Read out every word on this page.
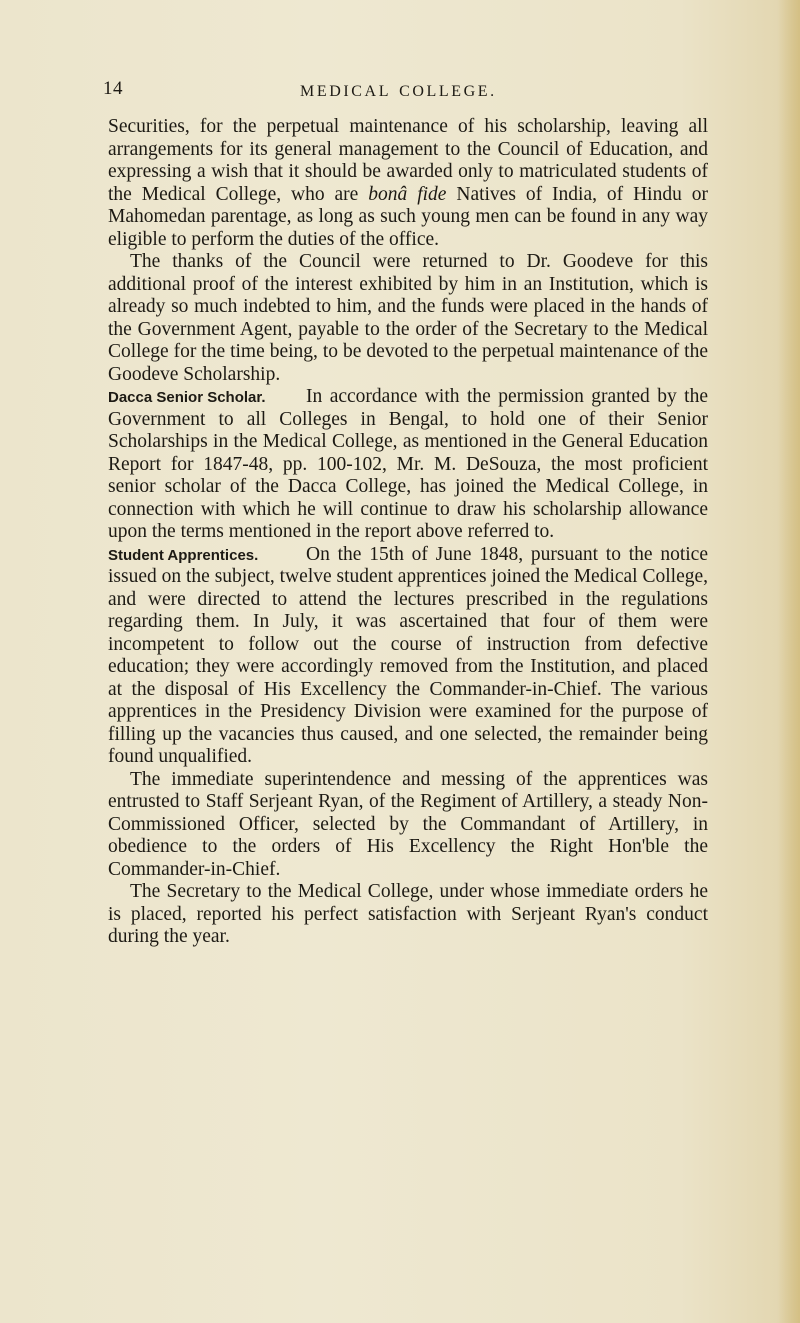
14	MEDICAL COLLEGE.

Securities, for the perpetual maintenance of his scholarship, leaving all arrangements for its general management to the Council of Education, and expressing a wish that it should be awarded only to matriculated students of the Medical College, who are bonâ fide Natives of India, of Hindu or Mahomedan parentage, as long as such young men can be found in any way eligible to perform the duties of the office.

The thanks of the Council were returned to Dr. Goodeve for this additional proof of the interest exhibited by him in an Institution, which is already so much indebted to him, and the funds were placed in the hands of the Government Agent, payable to the order of the Secretary to the Medical College for the time being, to be devoted to the perpetual maintenance of the Goodeve Scholarship.

Dacca Senior Scholar.	In accordance with the permission granted by the Government to all Colleges in Bengal, to hold one of their Senior Scholarships in the Medical College, as mentioned in the General Education Report for 1847-48, pp. 100-102, Mr. M. DeSouza, the most proficient senior scholar of the Dacca College, has joined the Medical College, in connection with which he will continue to draw his scholarship allowance upon the terms mentioned in the report above referred to.

Student Apprentices.	On the 15th of June 1848, pursuant to the notice issued on the subject, twelve student apprentices joined the Medical College, and were directed to attend the lectures prescribed in the regulations regarding them. In July, it was ascertained that four of them were incompetent to follow out the course of instruction from defective education; they were accordingly removed from the Institution, and placed at the disposal of His Excellency the Commander-in-Chief. The various apprentices in the Presidency Division were examined for the purpose of filling up the vacancies thus caused, and one selected, the remainder being found unqualified.

The immediate superintendence and messing of the apprentices was entrusted to Staff Serjeant Ryan, of the Regiment of Artillery, a steady Non-Commissioned Officer, selected by the Commandant of Artillery, in obedience to the orders of His Excellency the Right Hon'ble the Commander-in-Chief.

The Secretary to the Medical College, under whose immediate orders he is placed, reported his perfect satisfaction with Serjeant Ryan's conduct during the year.
